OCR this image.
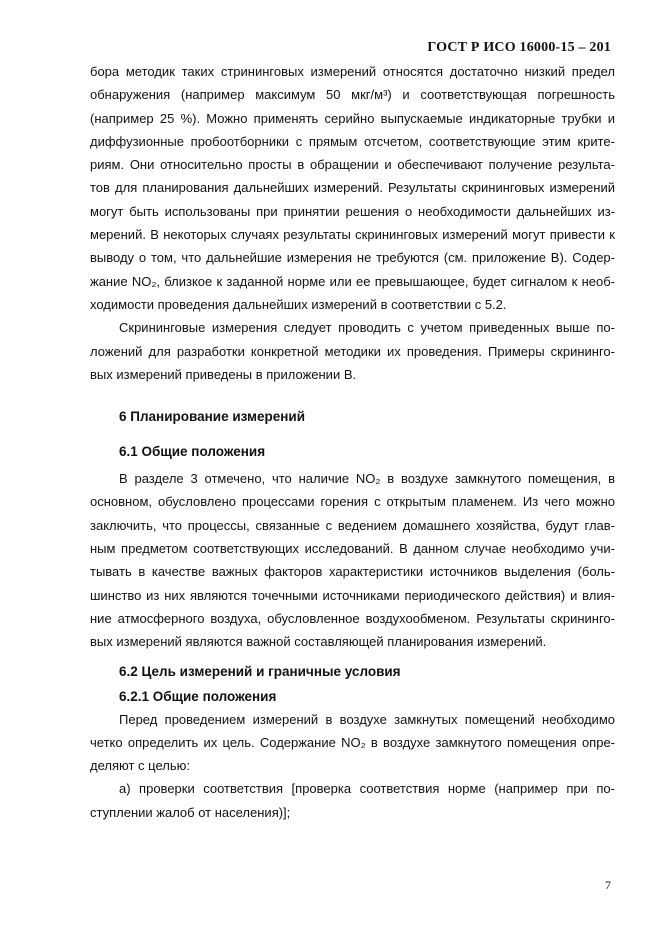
ГОСТ Р ИСО 16000-15 – 201

бора методик таких стрининговых измерений относятся достаточно низкий предел обнаружения (например максимум 50 мкг/м³) и соответствующая погрешность (например 25 %). Можно применять серийно выпускаемые индикаторные трубки и диффузионные пробоотборники с прямым отсчетом, соответствующие этим крите-риям. Они относительно просты в обращении и обеспечивают получение результа-тов для планирования дальнейших измерений. Результаты скрининговых измерений могут быть использованы при принятии решения о необходимости дальнейших из-мерений. В некоторых случаях результаты скрининговых измерений могут привести к выводу о том, что дальнейшие измерения не требуются (см. приложение В). Содер-жание NO₂, близкое к заданной норме или ее превышающее, будет сигналом к необ-ходимости проведения дальнейших измерений в соответствии с 5.2.

Скрининговые измерения следует проводить с учетом приведенных выше по-ложений для разработки конкретной методики их проведения. Примеры скрининго-вых измерений приведены в приложении В.

6 Планирование измерений
6.1 Общие положения

В разделе 3 отмечено, что наличие NO₂ в воздухе замкнутого помещения, в основном, обусловлено процессами горения с открытым пламенем. Из чего можно заключить, что процессы, связанные с ведением домашнего хозяйства, будут глав-ным предметом соответствующих исследований. В данном случае необходимо учи-тывать в качестве важных факторов характеристики источников выделения (боль-шинство из них являются точечными источниками периодического действия) и влия-ние атмосферного воздуха, обусловленное воздухообменом. Результаты скрининго-вых измерений являются важной составляющей планирования измерений.

6.2 Цель измерений и граничные условия
6.2.1 Общие положения

Перед проведением измерений в воздухе замкнутых помещений необходимо четко определить их цель. Содержание NO₂ в воздухе замкнутого помещения опре-деляют с целью:

а) проверки соответствия [проверка соответствия норме (например при по-ступлении жалоб от населения)];

7
